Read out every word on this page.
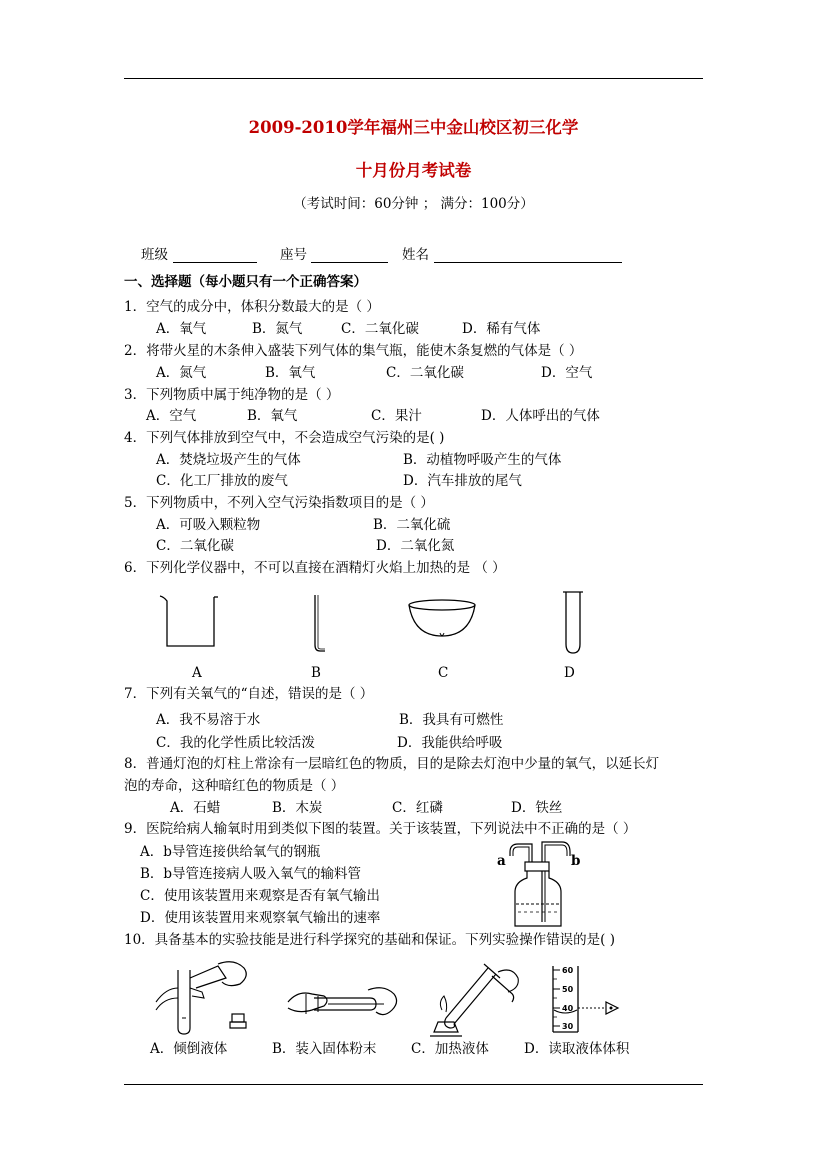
2009-2010学年福州三中金山校区初三化学
十月份月考试卷
（考试时间：60分钟 ； 满分：100分）
班级	座号	姓名
一、选择题（每小题只有一个正确答案）
1．空气的成分中，体积分数最大的是（ ）
A．氧气	B．氮气	C．二氧化碳	D．稀有气体
2．将带火星的木条伸入盛装下列气体的集气瓶，能使木条复燃的气体是（ ）
A．氮气	B．氧气	C．二氧化碳	D．空气
3．下列物质中属于纯净物的是（ ）
A．空气	B．氧气	C．果汁	D．人体呼出的气体
4．下列气体排放到空气中，不会造成空气污染的是( )
A．焚烧垃圾产生的气体	B．动植物呼吸产生的气体
C．化工厂排放的废气	D．汽车排放的尾气
5．下列物质中，不列入空气污染指数项目的是（ ）
A．可吸入颗粒物	B．二氧化硫
C．二氧化碳	D．二氧化氮
6．下列化学仪器中，不可以直接在酒精灯火焰上加热的是 （ ）
A	B	C	D
7．下列有关氧气的“自述，错误的是（ ）
A．我不易溶于水	B．我具有可燃性
C．我的化学性质比较活泼	D．我能供给呼吸
8．普通灯泡的灯柱上常涂有一层暗红色的物质，目的是除去灯泡中少量的氧气，以延长灯
泡的寿命，这种暗红色的物质是（ ）
A．石蜡	B．木炭	C．红磷	D．铁丝
9．医院给病人输氧时用到类似下图的装置。关于该装置，下列说法中不正确的是（ ）
A．b导管连接供给氧气的钢瓶
B．b导管连接病人吸入氧气的输料管
C．使用该装置用来观察是否有氧气输出
D．使用该装置用来观察氧气输出的速率
a	b
10．具备基本的实验技能是进行科学探究的基础和保证。下列实验操作错误的是( )
60
50
40
30
A．倾倒液体	B．装入固体粉末	C．加热液体	D．读取液体体积
